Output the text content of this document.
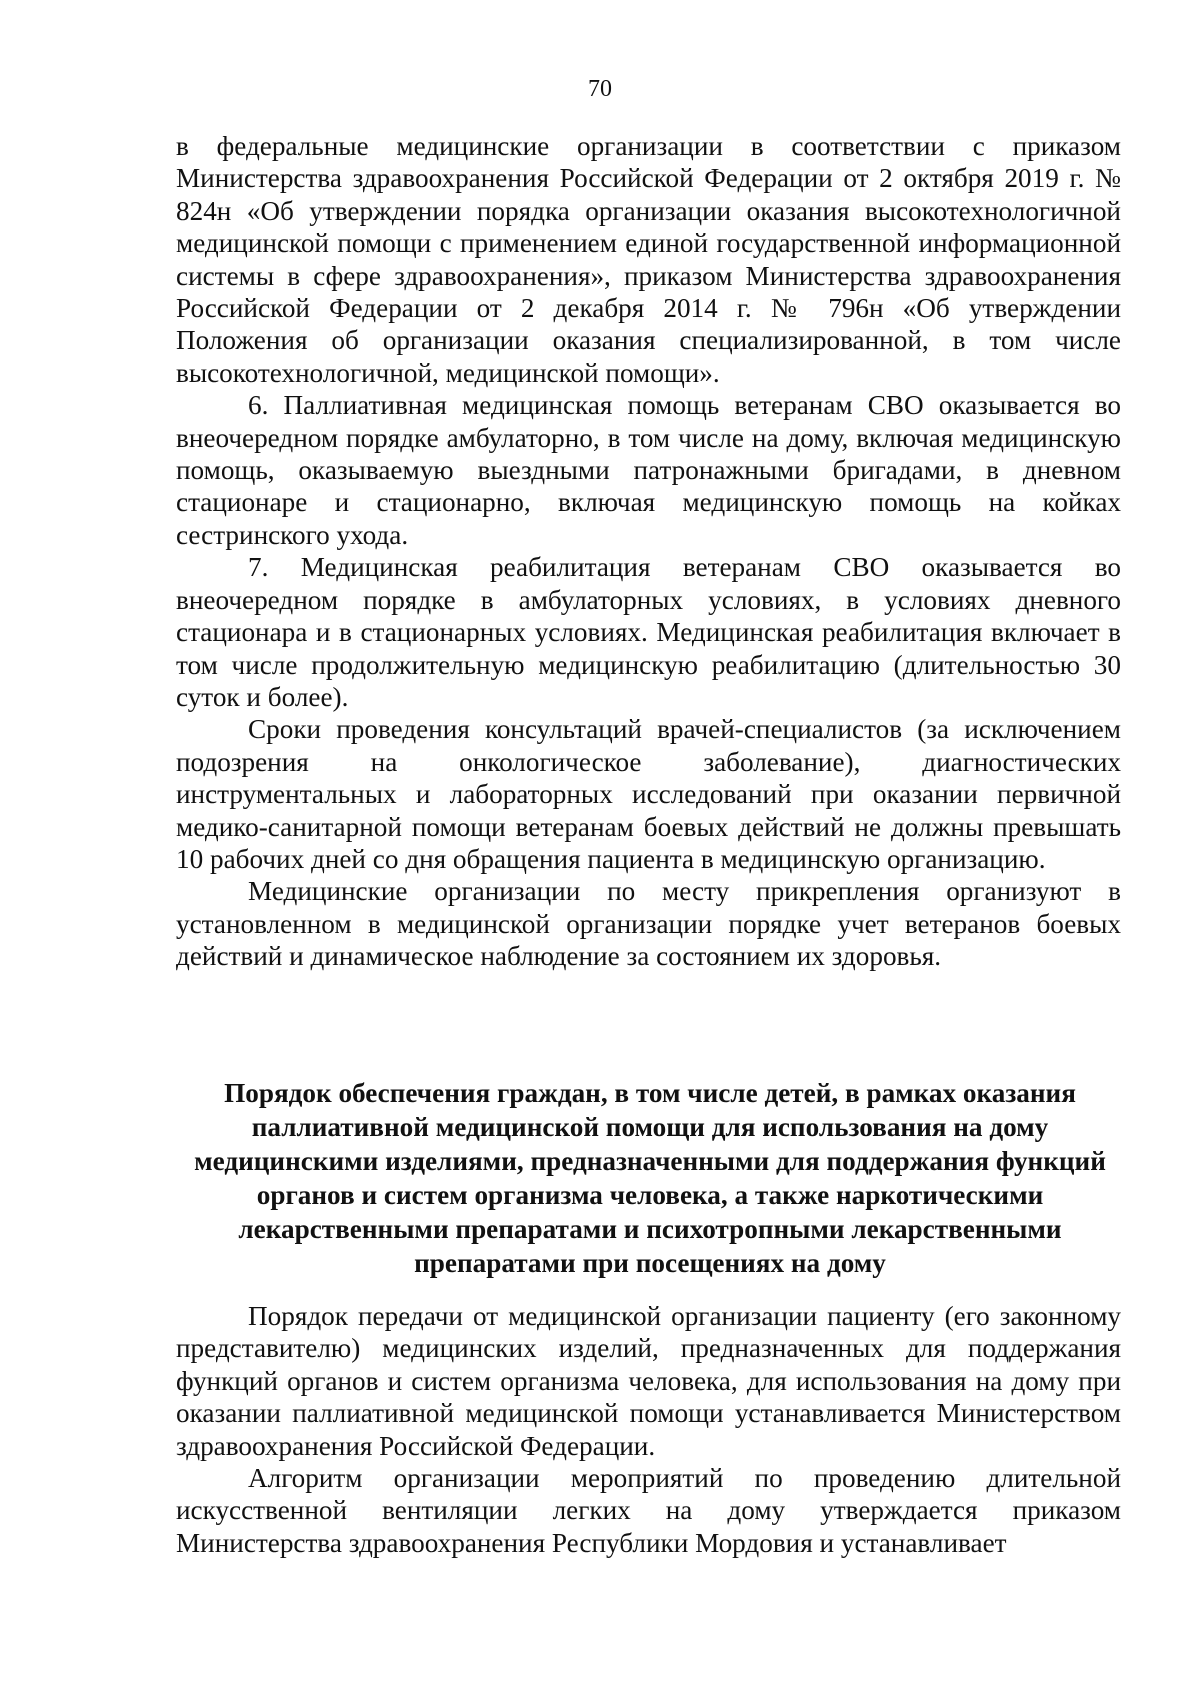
70

в федеральные медицинские организации в соответствии с приказом Министерства здравоохранения Российской Федерации от 2 октября 2019 г. № 824н «Об утверждении порядка организации оказания высокотехнологичной медицинской помощи с применением единой государственной информационной системы в сфере здравоохранения», приказом Министерства здравоохранения Российской Федерации от 2 декабря 2014 г. № 796н «Об утверждении Положения об организации оказания специализированной, в том числе высокотехнологичной, медицинской помощи».

6. Паллиативная медицинская помощь ветеранам СВО оказывается во внеочередном порядке амбулаторно, в том числе на дому, включая медицинскую помощь, оказываемую выездными патронажными бригадами, в дневном стационаре и стационарно, включая медицинскую помощь на койках сестринского ухода.

7. Медицинская реабилитация ветеранам СВО оказывается во внеочередном порядке в амбулаторных условиях, в условиях дневного стационара и в стационарных условиях. Медицинская реабилитация включает в том числе продолжительную медицинскую реабилитацию (длительностью 30 суток и более).

Сроки проведения консультаций врачей-специалистов (за исключением подозрения на онкологическое заболевание), диагностических инструментальных и лабораторных исследований при оказании первичной медико-санитарной помощи ветеранам боевых действий не должны превышать 10 рабочих дней со дня обращения пациента в медицинскую организацию.

Медицинские организации по месту прикрепления организуют в установленном в медицинской организации порядке учет ветеранов боевых действий и динамическое наблюдение за состоянием их здоровья.

Порядок обеспечения граждан, в том числе детей, в рамках оказания паллиативной медицинской помощи для использования на дому медицинскими изделиями, предназначенными для поддержания функций органов и систем организма человека, а также наркотическими лекарственными препаратами и психотропными лекарственными препаратами при посещениях на дому

Порядок передачи от медицинской организации пациенту (его законному представителю) медицинских изделий, предназначенных для поддержания функций органов и систем организма человека, для использования на дому при оказании паллиативной медицинской помощи устанавливается Министерством здравоохранения Российской Федерации.

Алгоритм организации мероприятий по проведению длительной искусственной вентиляции легких на дому утверждается приказом Министерства здравоохранения Республики Мордовия и устанавливает
